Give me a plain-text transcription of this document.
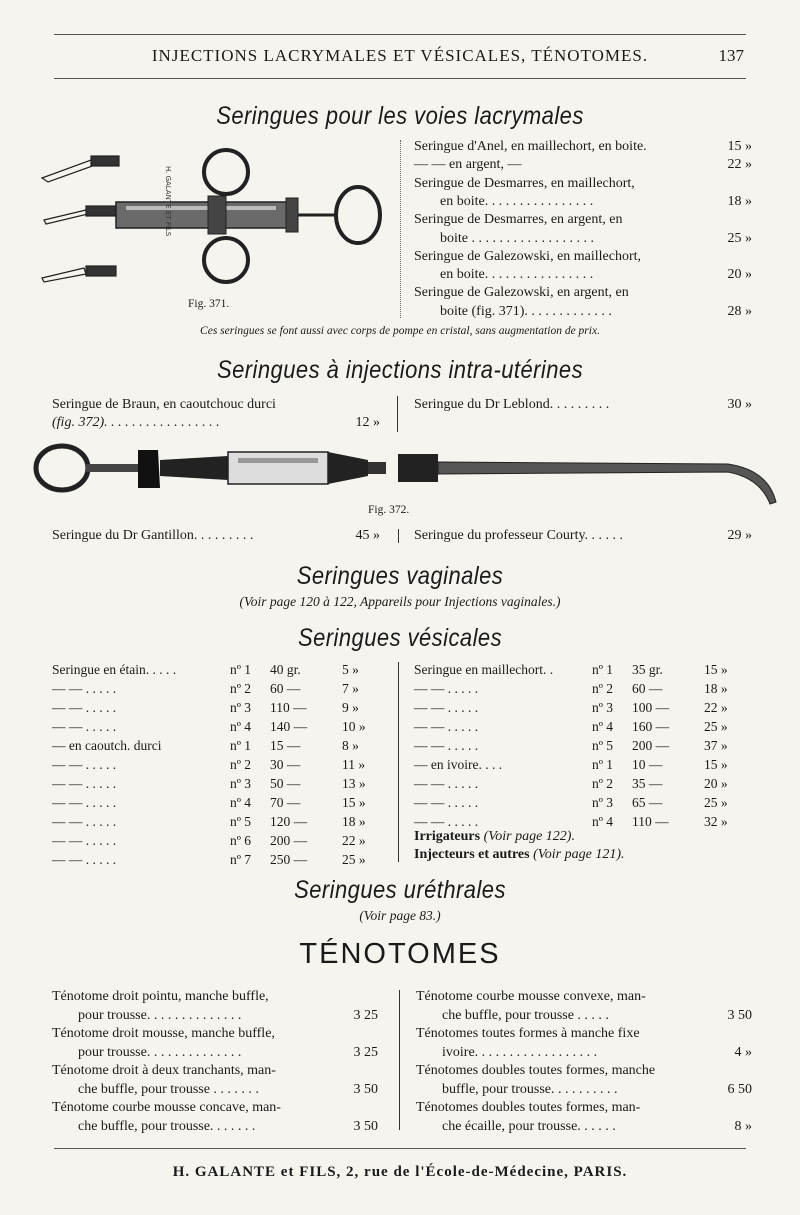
INJECTIONS LACRYMALES ET VÉSICALES, TÉNOTOMES.	137
Seringues pour les voies lacrymales
H. GALANTE ET FILS
Fig. 371.
Seringue d'Anel, en maillechort, en boite.	15 »
— — en argent, —	22 »
Seringue de Desmarres, en maillechort,
en boite. . . . . . . . . . . . . . . .	18 »
Seringue de Desmarres, en argent, en
boite . . . . . . . . . . . . . . . . . .	25 »
Seringue de Galezowski, en maillechort,
en boite. . . . . . . . . . . . . . . .	20 »
Seringue de Galezowski, en argent, en
boite (fig. 371). . . . . . . . . . . . .	28 »
Ces seringues se font aussi avec corps de pompe en cristal, sans augmentation de prix.
Seringues à injections intra-utérines
Seringue de Braun, en caoutchouc durci
(fig. 372). . . . . . . . . . . . . . . . .	12 »
Seringue du Dr Leblond. . . . . . . . .	30 »
Fig. 372.
Seringue du Dr Gantillon. . . . . . . . .	45 » Seringue du professeur Courty. . . . . .	29 »
Seringues vaginales
(Voir page 120 à 122, Appareils pour Injections vaginales.)
Seringues vésicales
Seringue en étain. . . . .	nº 1 40 gr.	5 »
— — . . . . .	nº 2 60 —	7 »
— — . . . . .	nº 3 110 —	9 »
— — . . . . .	nº 4 140 —	10 »
— en caoutch. durci	nº 1 15 —	8 »
— — . . . . .	nº 2 30 —	11 »
— — . . . . .	nº 3 50 —	13 »
— — . . . . .	nº 4 70 —	15 »
— — . . . . .	nº 5 120 —	18 »
— — . . . . .	nº 6 200 —	22 »
— — . . . . .	nº 7 250 —	25 »
Seringue en maillechort. .	nº 1 35 gr.	15 »
— — . . . . .	nº 2 60 —	18 »
— — . . . . .	nº 3 100 —	22 »
— — . . . . .	nº 4 160 —	25 »
— — . . . . .	nº 5 200 —	37 »
— en ivoire. . . .	nº 1 10 —	15 »
— — . . . . .	nº 2 35 —	20 »
— — . . . . .	nº 3 65 —	25 »
— — . . . . .	nº 4 110 —	32 »
Irrigateurs (Voir page 122).
Injecteurs et autres (Voir page 121).
Seringues uréthrales
(Voir page 83.)
TÉNOTOMES
Ténotome droit pointu, manche buffle,
pour trousse. . . . . . . . . . . . . .	3 25
Ténotome droit mousse, manche buffle,
pour trousse. . . . . . . . . . . . . .	3 25
Ténotome droit à deux tranchants, man-
che buffle, pour trousse . . . . . . .	3 50
Ténotome courbe mousse concave, man-
che buffle, pour trousse. . . . . . .	3 50
Ténotome courbe mousse convexe, man-
che buffle, pour trousse . . . . .	3 50
Ténotomes toutes formes à manche fixe
ivoire. . . . . . . . . . . . . . . . . .	4 »
Ténotomes doubles toutes formes, manche
buffle, pour trousse. . . . . . . . . .	6 50
Ténotomes doubles toutes formes, man-
che écaille, pour trousse. . . . . .	8 »
H. GALANTE et FILS, 2, rue de l'École-de-Médecine, PARIS.
